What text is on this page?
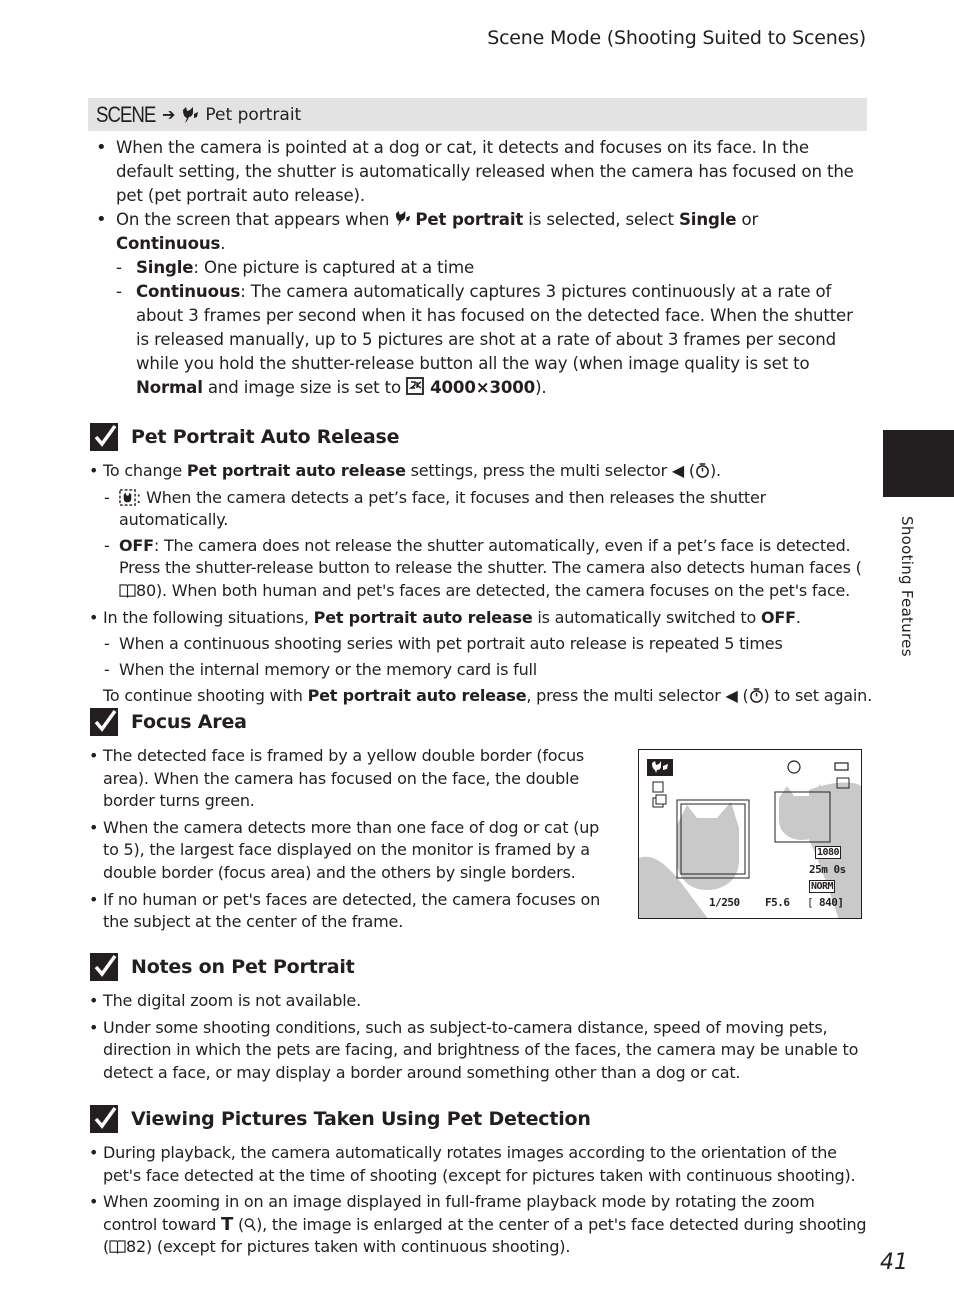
Scene Mode (Shooting Suited to Scenes)
SCENE ➔ Pet portrait
• When the camera is pointed at a dog or cat, it detects and focuses on its face. In the default setting, the shutter is automatically released when the camera has focused on the pet (pet portrait auto release).
• On the screen that appears when Pet portrait is selected, select Single or Continuous.
- Single: One picture is captured at a time
- Continuous: The camera automatically captures 3 pictures continuously at a rate of about 3 frames per second when it has focused on the detected face. When the shutter is released manually, up to 5 pictures are shot at a rate of about 3 frames per second while you hold the shutter-release button all the way (when image quality is set to Normal and image size is set to 4000×3000).
Pet Portrait Auto Release
• To change Pet portrait auto release settings, press the multi selector ◀ ( ).
- : When the camera detects a pet’s face, it focuses and then releases the shutter automatically.
- OFF: The camera does not release the shutter automatically, even if a pet’s face is detected. Press the shutter-release button to release the shutter. The camera also detects human faces (80). When both human and pet's faces are detected, the camera focuses on the pet's face.
• In the following situations, Pet portrait auto release is automatically switched to OFF.
- When a continuous shooting series with pet portrait auto release is repeated 5 times
- When the internal memory or the memory card is full
To continue shooting with Pet portrait auto release, press the multi selector ◀ ( ) to set again.
Focus Area
• The detected face is framed by a yellow double border (focus area). When the camera has focused on the face, the double border turns green.
• When the camera detects more than one face of dog or cat (up to 5), the largest face displayed on the monitor is framed by a double border (focus area) and the others by single borders.
• If no human or pet's faces are detected, the camera focuses on the subject at the center of the frame.
1080
25m 0s
NORM
1/250 F5.6 [ 840]
Notes on Pet Portrait
• The digital zoom is not available.
• Under some shooting conditions, such as subject-to-camera distance, speed of moving pets, direction in which the pets are facing, and brightness of the faces, the camera may be unable to detect a face, or may display a border around something other than a dog or cat.
Viewing Pictures Taken Using Pet Detection
• During playback, the camera automatically rotates images according to the orientation of the pet's face detected at the time of shooting (except for pictures taken with continuous shooting).
• When zooming in on an image displayed in full-frame playback mode by rotating the zoom control toward T ( ), the image is enlarged at the center of a pet's face detected during shooting ( 82) (except for pictures taken with continuous shooting).
Shooting Features
41
